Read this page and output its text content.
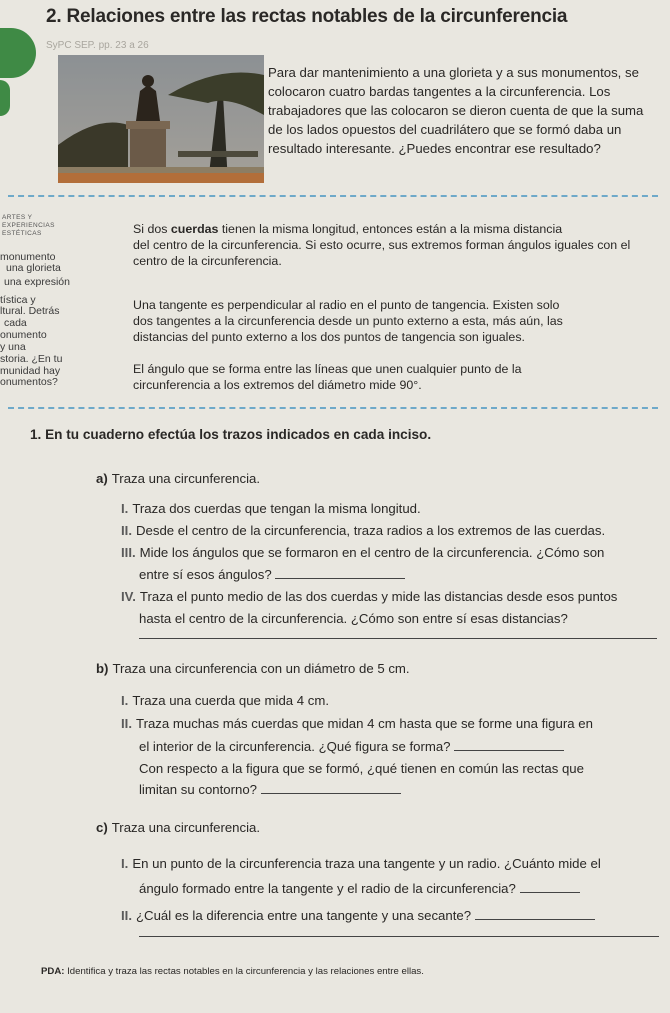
2. Relaciones entre las rectas notables de la circunferencia
SyPC SEP. pp. 23 a 26

Para dar mantenimiento a una glorieta y a sus monumentos, se colocaron cuatro bardas tangentes a la circunferencia. Los trabajadores que las colocaron se dieron cuenta de que la suma de los lados opuestos del cuadrilátero que se formó daba un resultado interesante. ¿Puedes encontrar ese resultado?

ARTES Y
EXPERIENCIAS
ESTÉTICAS
monumento
una glorieta
una expresión
tística y
ltural. Detrás
cada
onumento
y una
storia. ¿En tu
munidad hay
onumentos?

Si dos cuerdas tienen la misma longitud, entonces están a la misma distancia

del centro de la circunferencia. Si esto ocurre, sus extremos forman ángulos iguales con el centro de la circunferencia.

Una tangente es perpendicular al radio en el punto de tangencia. Existen solo

dos tangentes a la circunferencia desde un punto externo a esta, más aún, las

distancias del punto externo a los dos puntos de tangencia son iguales.

El ángulo que se forma entre las líneas que unen cualquier punto de la

circunferencia a los extremos del diámetro mide 90°.

1. En tu cuaderno efectúa los trazos indicados en cada inciso.
a) Traza una circunferencia.
I. Traza dos cuerdas que tengan la misma longitud.
II. Desde el centro de la circunferencia, traza radios a los extremos de las cuerdas.
III. Mide los ángulos que se formaron en el centro de la circunferencia. ¿Cómo son
entre sí esos ángulos?
IV. Traza el punto medio de las dos cuerdas y mide las distancias desde esos puntos
hasta el centro de la circunferencia. ¿Cómo son entre sí esas distancias?
b) Traza una circunferencia con un diámetro de 5 cm.
I. Traza una cuerda que mida 4 cm.
II. Traza muchas más cuerdas que midan 4 cm hasta que se forme una figura en
el interior de la circunferencia. ¿Qué figura se forma?
Con respecto a la figura que se formó, ¿qué tienen en común las rectas que
limitan su contorno?
c) Traza una circunferencia.
I. En un punto de la circunferencia traza una tangente y un radio. ¿Cuánto mide el
ángulo formado entre la tangente y el radio de la circunferencia?
II. ¿Cuál es la diferencia entre una tangente y una secante?
PDA: Identifica y traza las rectas notables en la circunferencia y las relaciones entre ellas.
